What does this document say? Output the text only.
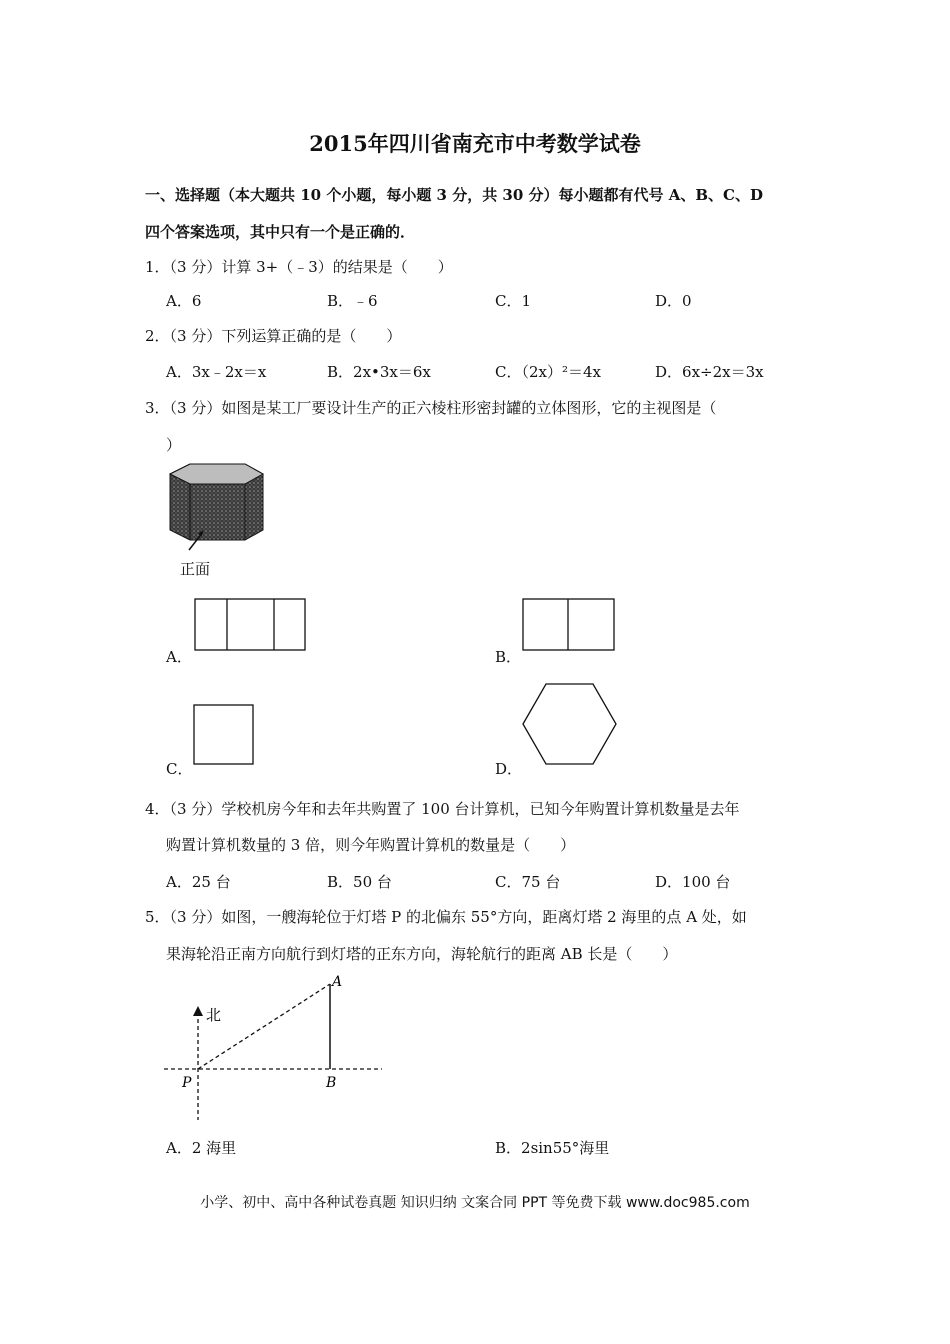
2015年四川省南充市中考数学试卷
一、选择题（本大题共 10 个小题，每小题 3 分，共 30 分）每小题都有代号 A、B、C、D
四个答案选项，其中只有一个是正确的．
1．（3 分）计算 3+（﹣3）的结果是（　　）
A．6	B．﹣6	C．1	D．0
2．（3 分）下列运算正确的是（　　）
A．3x﹣2x＝x	B．2x•3x＝6x	C．（2x）²＝4x	D．6x÷2x＝3x
3．（3 分）如图是某工厂要设计生产的正六棱柱形密封罐的立体图形，它的主视图是（
）
正面
A．	B．
C．	D．
4．（3 分）学校机房今年和去年共购置了 100 台计算机，已知今年购置计算机数量是去年
购置计算机数量的 3 倍，则今年购置计算机的数量是（　　）
A．25 台	B．50 台	C．75 台	D．100 台
5．（3 分）如图，一艘海轮位于灯塔 P 的北偏东 55°方向，距离灯塔 2 海里的点 A 处，如
果海轮沿正南方向航行到灯塔的正东方向，海轮航行的距离 AB 长是（　　）
北
P
A
B
A．2 海里	B．2sin55°海里
小学、初中、高中各种试卷真题 知识归纳 文案合同 PPT 等免费下载 www.doc985.com
